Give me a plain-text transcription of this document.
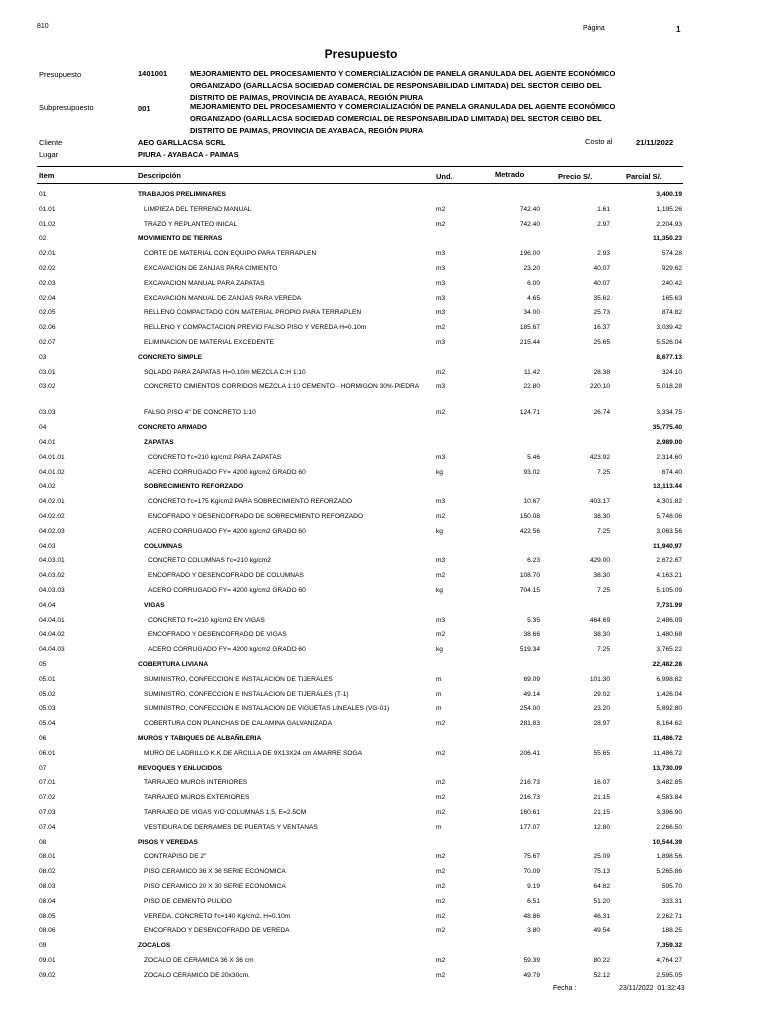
810	Página	1
Presupuesto
Presupuesto	1401001	MEJORAMIENTO DEL PROCESAMIENTO Y COMERCIALIZACIÓN DE PANELA GRANULADA DEL AGENTE ECONÓMICO ORGANIZADO (GARLLACSA SOCIEDAD COMERCIAL DE RESPONSABILIDAD LIMITADA) DEL SECTOR CEIBO DEL DISTRITO DE PAIMAS, PROVINCIA DE AYABACA, REGIÓN PIURA
Subpresupuesto	001	MEJORAMIENTO DEL PROCESAMIENTO Y COMERCIALIZACIÓN DE PANELA GRANULADA DEL AGENTE ECONÓMICO ORGANIZADO (GARLLACSA SOCIEDAD COMERCIAL DE RESPONSABILIDAD LIMITADA) DEL SECTOR CEIBO DEL DISTRITO DE PAIMAS, PROVINCIA DE AYABACA, REGIÓN PIURA
Cliente	AEO GARLLACSA SCRL	Costo al	21/11/2022
Lugar	PIURA - AYABACA - PAIMAS
Item	Descripción	Und.	Metrado	Precio S/.	Parcial S/.
01	TRABAJOS PRELIMINARES	3,400.19
01.01	LIMPIEZA DEL TERRENO MANUAL	m2	742.40	1.61	1,195.26
01.02	TRAZO Y REPLANTEO INICAL	m2	742.40	2.97	2,204.93
02	MOVIMIENTO DE TIERRAS	11,350.23
02.01	CORTE DE MATERIAL CON EQUIPO PARA TERRAPLEN	m3	196.00	2.93	574.28
02.02	EXCAVACION DE ZANJAS PARA CIMIENTO	m3	23.20	40.07	929.62
02.03	EXCAVACION MANUAL PARA ZAPATAS	m3	6.00	40.07	240.42
02.04	EXCAVACION MANUAL DE ZANJAS PARA VEREDA	m3	4.65	35.62	165.63
02.05	RELLENO COMPACTADO CON MATERIAL PROPIO PARA TERRAPLEN	m3	34.00	25.73	874.82
02.06	RELLENO Y COMPACTACION PREVIO FALSO PISO Y VEREDA H=0.10m	m2	185.67	16.37	3,039.42
02.07	ELIMINACION DE MATERIAL EXCEDENTE	m3	215.44	25.65	5,526.04
03	CONCRETO SIMPLE	8,677.13
03.01	SOLADO PARA ZAPATAS H=0.10m MEZCLA C:H 1:10	m2	11.42	28.38	324.10
03.02	CONCRETO CIMIENTOS CORRIDOS MEZCLA 1:10 CEMENTO - HORMIGON 30% PIEDRA	m3	22.80	220.10	5,018.28
03.03	FALSO PISO 4" DE CONCRETO 1:10	m2	124.71	26.74	3,334.75
04	CONCRETO ARMADO	35,775.40
04.01	ZAPATAS	2,989.00
04.01.01	CONCRETO f'c=210 kg/cm2 PARA ZAPATAS	m3	5.46	423.92	2,314.60
04.01.02	ACERO CORRUGADO FY= 4200 kg/cm2 GRADO 60	kg	93.02	7.25	674.40
04.02	SOBRECIMIENTO REFORZADO	13,113.44
04.02.01	CONCRETO f'c=175 Kg/cm2 PARA SOBRECIMIENTO REFORZADO	m3	10.67	403.17	4,301.82
04.02.02	ENCOFRADO Y DESENCOFRADO DE SOBRECMIENTO REFORZADO	m2	150.08	38.30	5,748.06
04.02.03	ACERO CORRUGADO FY= 4200 kg/cm2 GRADO 60	kg	422.56	7.25	3,063.56
04.03	COLUMNAS	11,940.97
04.03.01	CONCRETO COLUMNAS f'c=210 kg/cm2	m3	6.23	429.00	2,672.67
04.03.02	ENCOFRADO Y DESENCOFRADO DE COLUMNAS	m2	108.70	38.30	4,163.21
04.03.03	ACERO CORRUGADO FY= 4200 kg/cm2 GRADO 60	kg	704.15	7.25	5,105.09
04.04	VIGAS	7,731.99
04.04.01	CONCRETO f'c=210 kg/cm2 EN VIGAS	m3	5.35	464.69	2,486.09
04.04.02	ENCOFRADO Y DESENCOFRADO DE VIGAS	m2	38.66	38.30	1,480.68
04.04.03	ACERO CORRUGADO FY= 4200 kg/cm2 GRADO 60	kg	519.34	7.25	3,765.22
05	COBERTURA LIVIANA	22,482.28
05.01	SUMINISTRO, CONFECCION E INSTALACION DE TIJERALES	m	69.09	101.30	6,998.82
05.02	SUMINISTRO, CONFECCION E INSTALACION DE TIJERALES (T-1)	m	49.14	29.02	1,426.04
05.03	SUMINISTRO, CONFECCION E INSTALACION DE VIGUETAS LINEALES (VG-01)	m	254.00	23.20	5,892.80
05.04	COBERTURA CON PLANCHAS DE CALAMINA GALVANIZADA	m2	281.83	28.97	8,164.62
06	MUROS Y TABIQUES DE ALBAÑILERIA	11,486.72
06.01	MURO DE LADRILLO K.K.DE ARCILLA DE 9X13X24 cm AMARRE SOGA	m2	206.41	55.65	11,486.72
07	REVOQUES Y ENLUCIDOS	13,730.09
07.01	TARRAJEO MUROS INTERIORES	m2	216.73	16.07	3,482.85
07.02	TARRAJEO MUROS EXTERIORES	m2	216.73	21.15	4,583.84
07.03	TARRAJEO DE VIGAS Y/O COLUMNAS 1:5, E=2.5CM	m2	160.61	21.15	3,396.90
07.04	VESTIDURA DE DERRAMES DE PUERTAS Y VENTANAS	m	177.07	12.80	2,266.50
08	PISOS Y VEREDAS	10,544.39
08.01	CONTRAPISO DE 2"	m2	75.67	25.09	1,898.56
08.02	PISO CERAMICO 36 X 36 SERIE ECONOMICA	m2	70.09	75.13	5,265.86
08.03	PISO CERAMICO 20 X 30 SERIE ECONOMICA	m2	9.19	64.82	595.70
08.04	PISO DE CEMENTO PULIDO	m2	6.51	51.20	333.31
08.05	VEREDA, CONCRETO f'c=140 Kg/cm2, H=0.10m	m2	48.86	46.31	2,262.71
08.06	ENCOFRADO Y DESENCOFRADO DE VEREDA	m2	3.80	49.54	188.25
09	ZOCALOS	7,359.32
09.01	ZOCALO DE CERAMICA 36 X 36 cm	m2	59.39	80.22	4,764.27
09.02	ZOCALO CERAMICO DE 20x30cm.	m2	49.79	52.12	2,595.05
Fecha :	23/11/2022  01:32:43
